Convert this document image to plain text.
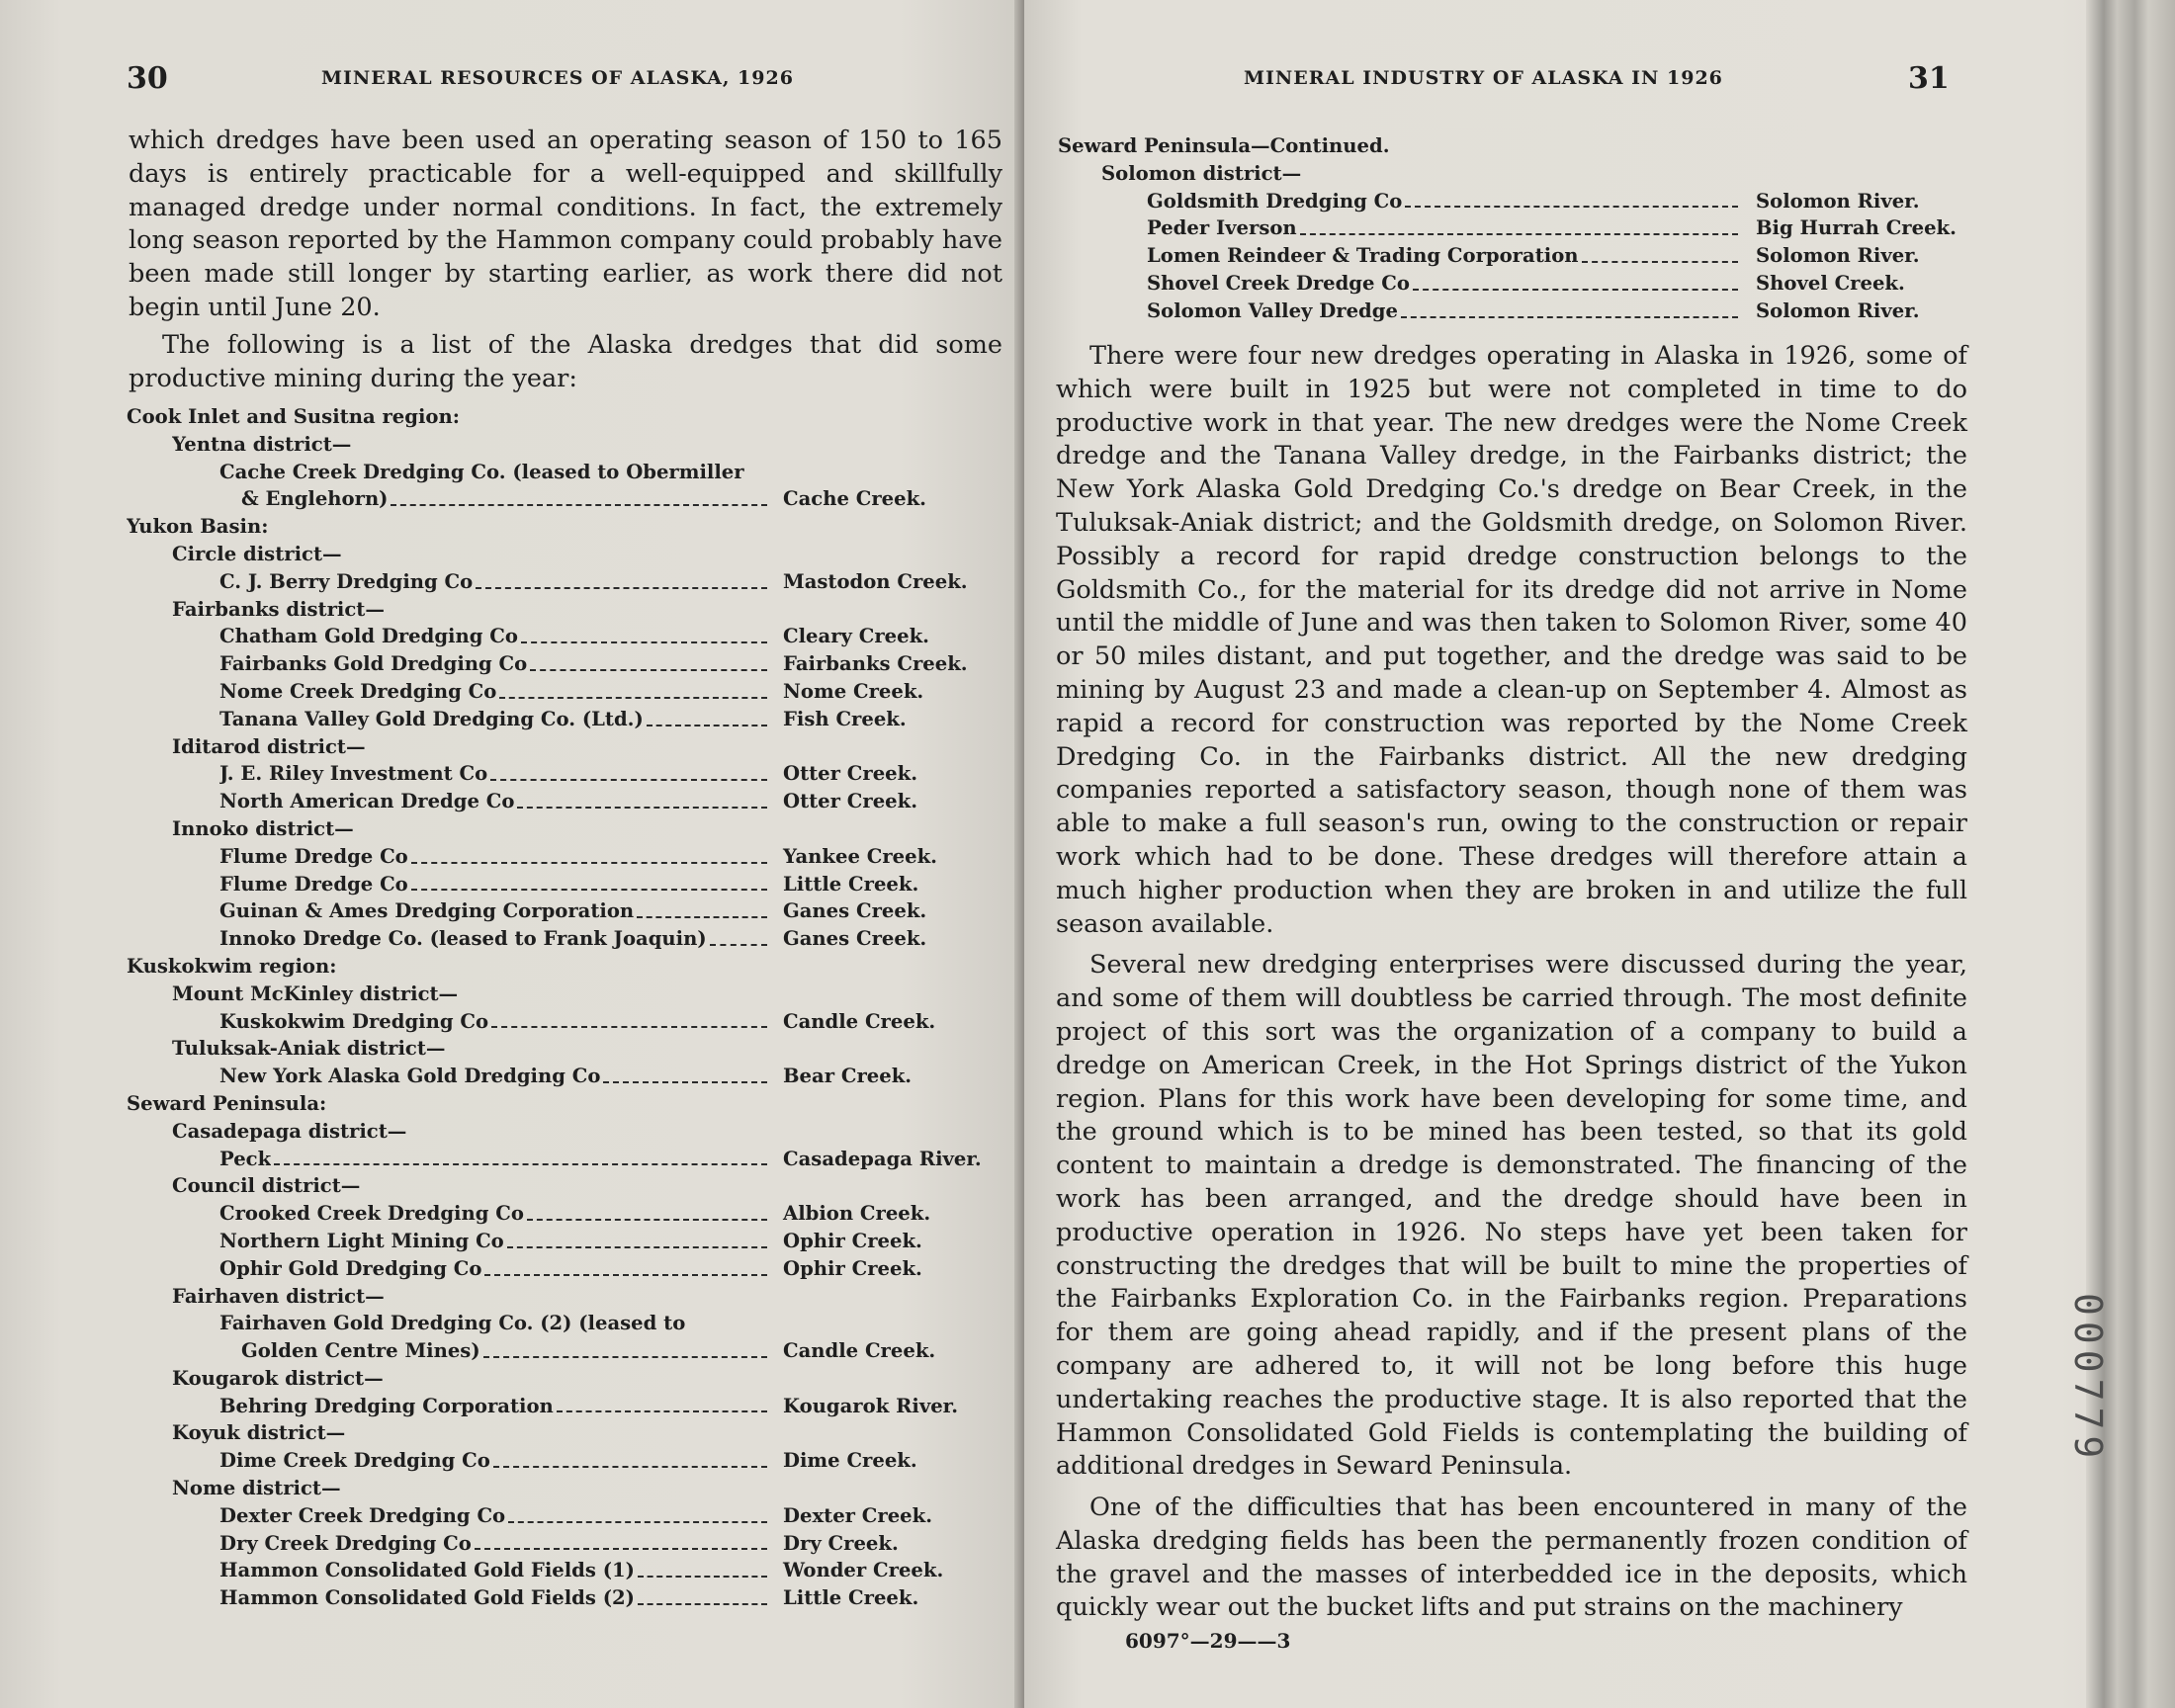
30	MINERAL RESOURCES OF ALASKA, 1926

which dredges have been used an operating season of 150 to 165 days is entirely practicable for a well-equipped and skillfully managed dredge under normal conditions. In fact, the extremely long season reported by the Hammon company could probably have been made still longer by starting earlier, as work there did not begin until June 20.

The following is a list of the Alaska dredges that did some productive mining during the year:

Cook Inlet and Susitna region:
Yentna district—
Cache Creek Dredging Co. (leased to Obermiller
& Englehorn)	Cache Creek.
Yukon Basin:
Circle district—
C. J. Berry Dredging Co	Mastodon Creek.
Fairbanks district—
Chatham Gold Dredging Co	Cleary Creek.
Fairbanks Gold Dredging Co	Fairbanks Creek.
Nome Creek Dredging Co	Nome Creek.
Tanana Valley Gold Dredging Co. (Ltd.)	Fish Creek.
Iditarod district—
J. E. Riley Investment Co	Otter Creek.
North American Dredge Co	Otter Creek.
Innoko district—
Flume Dredge Co	Yankee Creek.
Flume Dredge Co	Little Creek.
Guinan & Ames Dredging Corporation	Ganes Creek.
Innoko Dredge Co. (leased to Frank Joaquin)	Ganes Creek.
Kuskokwim region:
Mount McKinley district—
Kuskokwim Dredging Co	Candle Creek.
Tuluksak-Aniak district—
New York Alaska Gold Dredging Co	Bear Creek.
Seward Peninsula:
Casadepaga district—
Peck	Casadepaga River.
Council district—
Crooked Creek Dredging Co	Albion Creek.
Northern Light Mining Co	Ophir Creek.
Ophir Gold Dredging Co	Ophir Creek.
Fairhaven district—
Fairhaven Gold Dredging Co. (2) (leased to
Golden Centre Mines)	Candle Creek.
Kougarok district—
Behring Dredging Corporation	Kougarok River.
Koyuk district—
Dime Creek Dredging Co	Dime Creek.
Nome district—
Dexter Creek Dredging Co	Dexter Creek.
Dry Creek Dredging Co	Dry Creek.
Hammon Consolidated Gold Fields (1)	Wonder Creek.
Hammon Consolidated Gold Fields (2)	Little Creek.
MINERAL INDUSTRY OF ALASKA IN 1926	31
Seward Peninsula—Continued.
Solomon district—
Goldsmith Dredging Co	Solomon River.
Peder Iverson	Big Hurrah Creek.
Lomen Reindeer & Trading Corporation	Solomon River.
Shovel Creek Dredge Co	Shovel Creek.
Solomon Valley Dredge	Solomon River.

There were four new dredges operating in Alaska in 1926, some of which were built in 1925 but were not completed in time to do productive work in that year. The new dredges were the Nome Creek dredge and the Tanana Valley dredge, in the Fairbanks district; the New York Alaska Gold Dredging Co.'s dredge on Bear Creek, in the Tuluksak-Aniak district; and the Goldsmith dredge, on Solomon River. Possibly a record for rapid dredge construction belongs to the Goldsmith Co., for the material for its dredge did not arrive in Nome until the middle of June and was then taken to Solomon River, some 40 or 50 miles distant, and put together, and the dredge was said to be mining by August 23 and made a clean-up on September 4. Almost as rapid a record for construction was reported by the Nome Creek Dredging Co. in the Fairbanks district. All the new dredging companies reported a satisfactory season, though none of them was able to make a full season's run, owing to the construction or repair work which had to be done. These dredges will therefore attain a much higher production when they are broken in and utilize the full season available.

Several new dredging enterprises were discussed during the year, and some of them will doubtless be carried through. The most definite project of this sort was the organization of a company to build a dredge on American Creek, in the Hot Springs district of the Yukon region. Plans for this work have been developing for some time, and the ground which is to be mined has been tested, so that its gold content to maintain a dredge is demonstrated. The financing of the work has been arranged, and the dredge should have been in productive operation in 1926. No steps have yet been taken for constructing the dredges that will be built to mine the properties of the Fairbanks Exploration Co. in the Fairbanks region. Preparations for them are going ahead rapidly, and if the present plans of the company are adhered to, it will not be long before this huge undertaking reaches the productive stage. It is also reported that the Hammon Consolidated Gold Fields is contemplating the building of additional dredges in Seward Peninsula.

One of the difficulties that has been encountered in many of the Alaska dredging fields has been the permanently frozen condition of the gravel and the masses of interbedded ice in the deposits, which quickly wear out the bucket lifts and put strains on the machinery

6097°—29——3
000779
